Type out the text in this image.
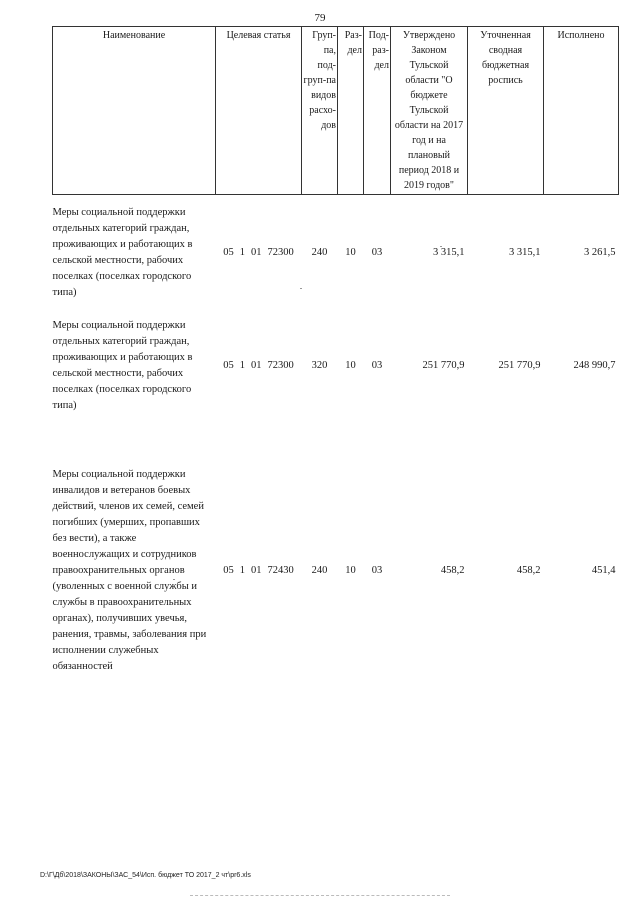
79
Наименование	Целевая статья	Груп-па, под-груп-па видов расхо-дов	Раз-дел	Под-раз-дел	Утверждено Законом Тульской области "О бюджете Тульской области на 2017 год и на плановый период 2018 и 2019 годов"	Уточненная сводная бюджетная роспись	Исполнено
Меры социальной поддержки отдельных категорий граждан, проживающих и работающих в сельской местности, рабочих поселках (поселках городского типа)	05 1 01 72300	240	10	03	3 315,1	3 315,1	3 261,5
Меры социальной поддержки отдельных категорий граждан, проживающих и работающих в сельской местности, рабочих поселках (поселках городского типа)	05 1 01 72300	320	10	03	251 770,9	251 770,9	248 990,7
Меры социальной поддержки инвалидов и ветеранов боевых действий, членов их семей, семей погибших (умерших, пропавших без вести), а также военнослужащих и сотрудников правоохранительных органов (уволенных с военной службы и службы в правоохранительных органах), получивших увечья, ранения, травмы, заболевания при исполнении служебных обязанностей	05 1 01 72430	240	10	03	458,2	458,2	451,4
D:\Г\Дб\2018\ЗАКОНЫ\ЗАС_54\Исп. бюджет ТО 2017_2 чт\pr6.xls
